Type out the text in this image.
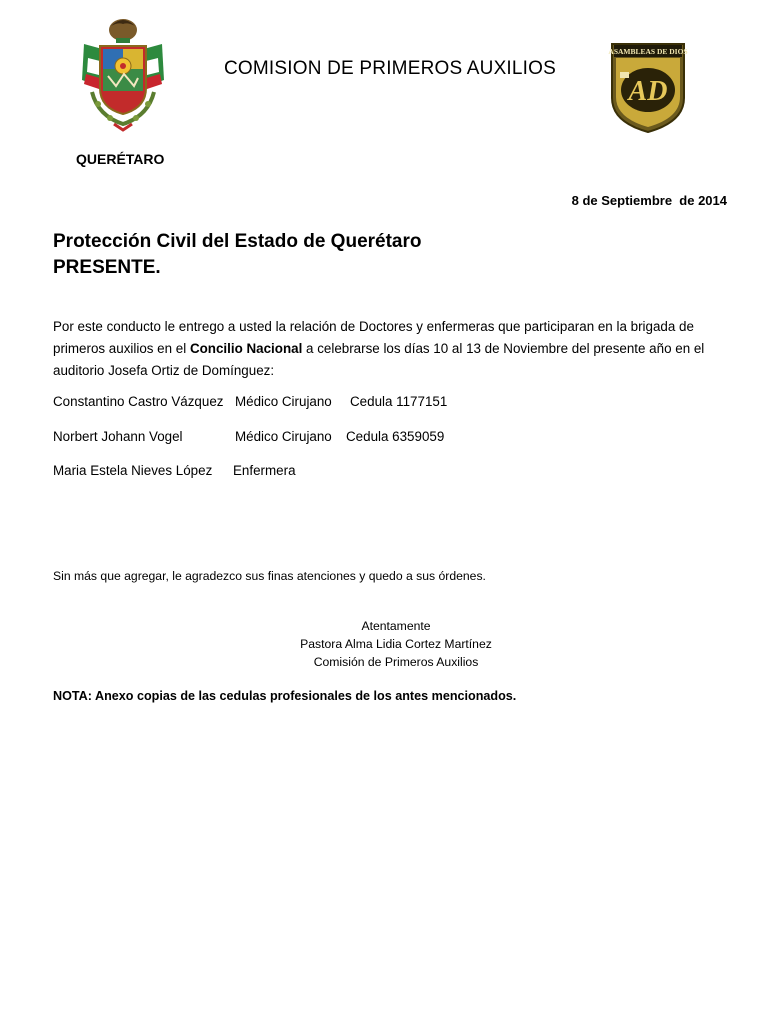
COMISION DE PRIMEROS AUXILIOS
ASAMBLEAS DE DIOS
AD
QUERÉTARO
8 de Septiembre  de 2014
Protección Civil del Estado de Querétaro
PRESENTE.
Por este conducto le entrego a usted la relación de Doctores y enfermeras que participaran en la brigada de primeros auxilios en el Concilio Nacional a celebrarse los días 10 al 13 de Noviembre del presente año en el auditorio Josefa Ortiz de Domínguez:
Constantino Castro Vázquez Médico Cirujano Cedula 1177151
Norbert Johann Vogel	Médico Cirujano Cedula 6359059
Maria Estela Nieves López Enfermera
Sin más que agregar, le agradezco sus finas atenciones y quedo a sus órdenes.
Atentamente
Pastora Alma Lidia Cortez Martínez
Comisión de Primeros Auxilios
NOTA: Anexo copias de las cedulas profesionales de los antes mencionados.
